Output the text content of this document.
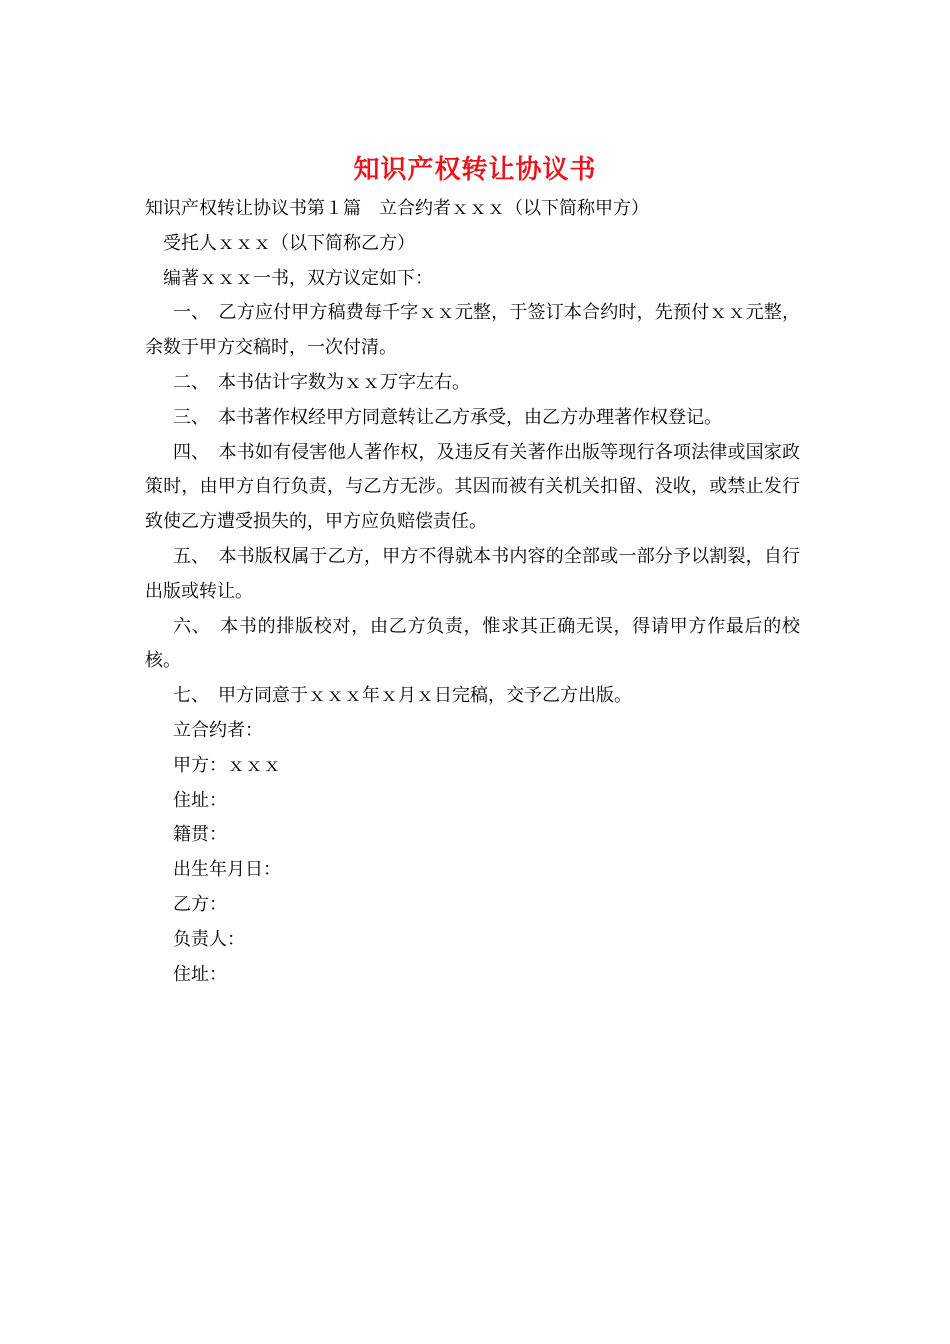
知识产权转让协议书

知识产权转让协议书第１篇　立合约者ｘｘｘ（以下简称甲方）

受托人ｘｘｘ（以下简称乙方）

编著ｘｘｘ一书，双方议定如下：

一、　乙方应付甲方稿费每千字ｘｘ元整，于签订本合约时，先预付ｘｘ元整，余数于甲方交稿时，一次付清。

二、　本书估计字数为ｘｘ万字左右。

三、　本书著作权经甲方同意转让乙方承受，由乙方办理著作权登记。

四、　本书如有侵害他人著作权，及违反有关著作出版等现行各项法律或国家政策时，由甲方自行负责，与乙方无涉。其因而被有关机关扣留、没收，或禁止发行致使乙方遭受损失的，甲方应负赔偿责任。

五、　本书版权属于乙方，甲方不得就本书内容的全部或一部分予以割裂，自行出版或转让。

六、　本书的排版校对，由乙方负责，惟求其正确无误，得请甲方作最后的校核。

七、　甲方同意于ｘｘｘ年ｘ月ｘ日完稿，交予乙方出版。

立合约者：

甲方：ｘｘｘ

住址：

籍贯：

出生年月日：

乙方：

负责人：

住址：
